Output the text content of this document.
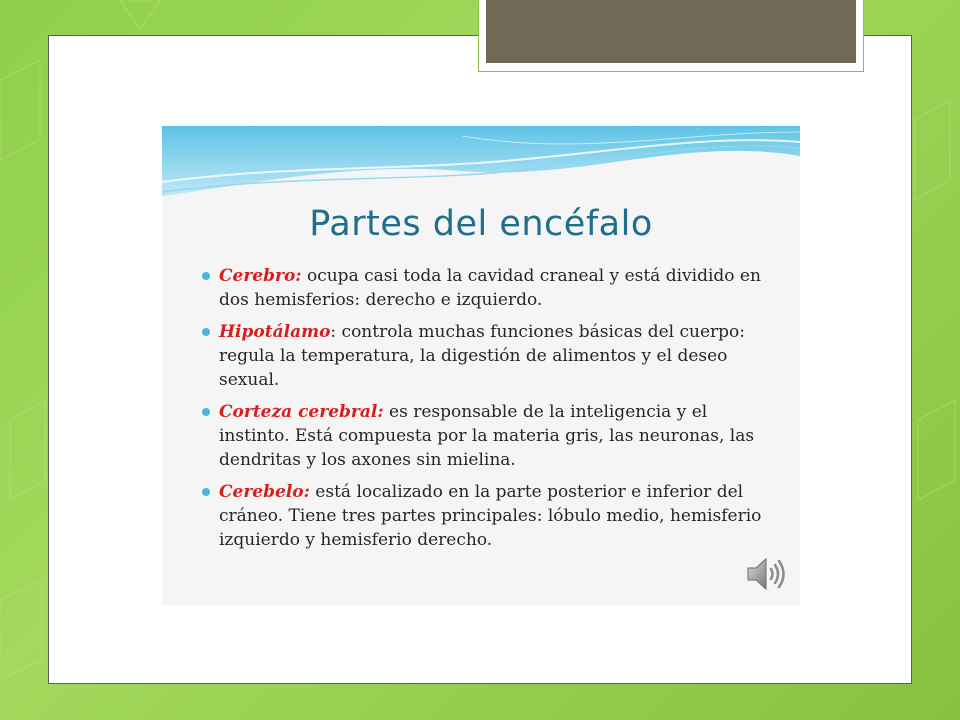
Partes del encéfalo
Cerebro: ocupa casi toda la cavidad craneal y está dividido en dos hemisferios: derecho e izquierdo.
Hipotálamo: controla muchas funciones básicas del cuerpo: regula la temperatura, la digestión de alimentos y el deseo sexual.
Corteza cerebral: es responsable de la inteligencia y el instinto. Está compuesta por la materia gris, las neuronas, las dendritas y los axones sin mielina.
Cerebelo: está localizado en la parte posterior e inferior del cráneo. Tiene tres partes principales: lóbulo medio, hemisferio izquierdo y hemisferio derecho.
